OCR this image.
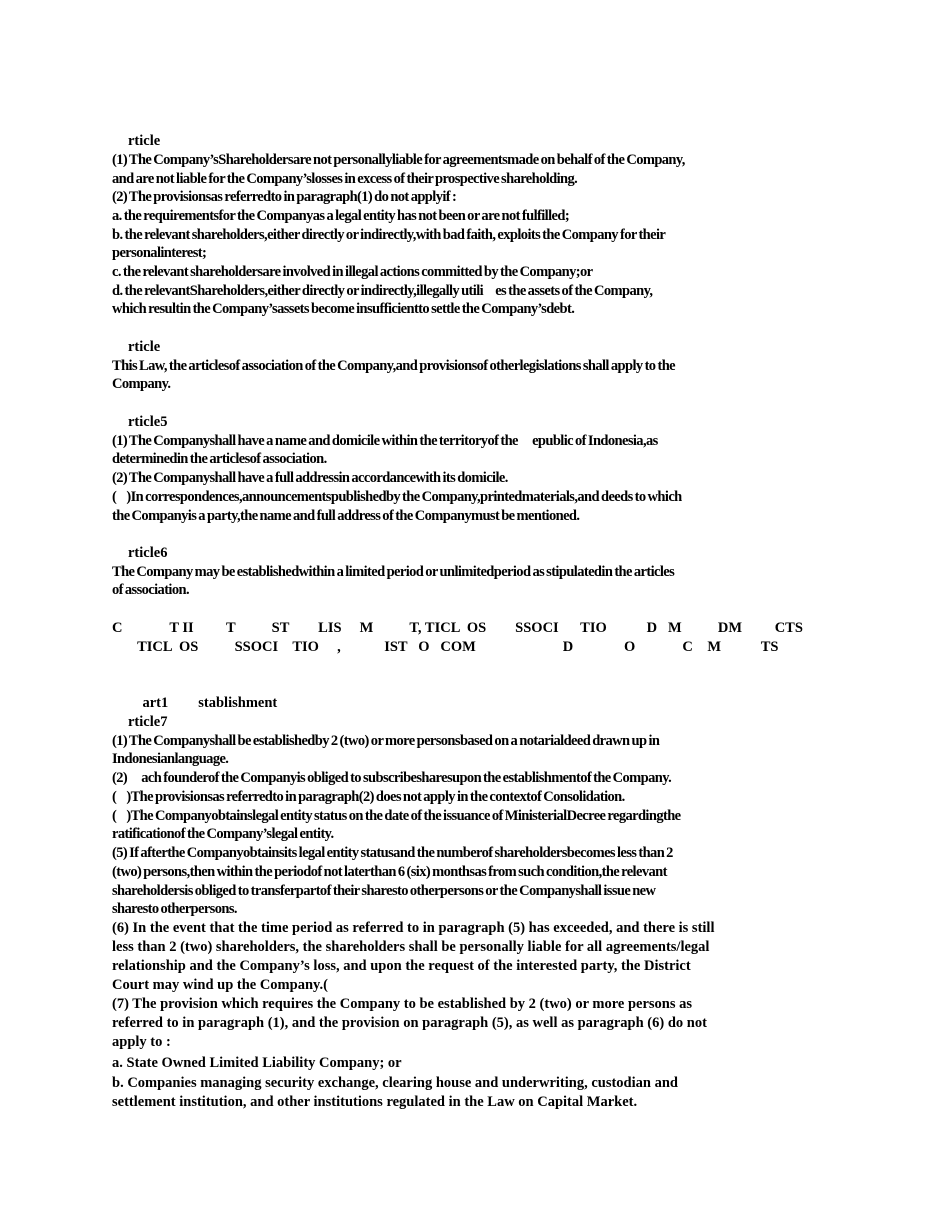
rticle
(1) The Company’sShareholdersare not personallyliable for agreementsmade on behalf of the Company,
and are not liable for the Company’slosses in excess of their prospective shareholding.
(2) The provisionsas referredto in paragraph(1) do not applyif :
a. the requirementsfor the Companyas a legal entity has not been or are not fulfilled;
b. the relevant shareholders,either directly or indirectly,with bad faith, exploits the Company for their
personalinterest;
c. the relevant shareholdersare involved in illegal actions committed by the Company;or
d. the relevantShareholders,either directly or indirectly,illegally utili      es the assets of the Company,
which resultin the Company’sassets become insufficientto settle the Company’sdebt.
rticle
This Law, the articlesof association of the Company,and provisionsof otherlegislations shall apply to the
Company.
rticle5
(1) The Companyshall have a name and domicile within the territoryof the       epublic of Indonesia,as
determinedin the articlesof association.
(2) The Companyshall have a full addressin accordancewith its domicile.
(     )In correspondences,announcementspublishedby the Company,printedmaterials,and deeds to which
the Companyis a party,the name and full address of the Companymust be mentioned.
rticle6
The Company may be establishedwithin a limited period or unlimitedperiod as stipulatedin the articles
of association.
C             T II         T          ST        LIS     M          T, TICL  OS        SSOCI      TIO           D   M          DM         CTS
TICL  OS          SSOCI    TIO     ,            IST   O   COM                        D              O             C    M           TS

art1 stablishment

rticle7
(1) The Companyshall be establishedby 2 (two) or more personsbased on a notarialdeed drawn up in
Indonesianlanguage.
(2)       ach founderof the Companyis obliged to subscribesharesupon the establishmentof the Company.
(     )The provisionsas referredto in paragraph(2) does not apply in the contextof Consolidation.
(     )The Companyobtainslegal entity status on the date of the issuance of MinisterialDecree regardingthe
ratificationof the Company’slegal entity.
(5) If afterthe Companyobtainsits legal entity statusand the numberof shareholdersbecomes less than 2
(two) persons,then within the periodof not laterthan 6 (six) monthsas from such condition,the relevant
shareholdersis obliged to transferpartof their sharesto otherpersons or the Companyshall issue new
sharesto otherpersons.
(6) In the event that the time period as referred to in paragraph (5) has exceeded, and there is still
less than 2 (two) shareholders, the shareholders shall be personally liable for all agreements/legal
relationship and the Company’s loss, and upon the request of the interested party, the District
Court may wind up the Company.(
(7) The provision which requires the Company to be established by 2 (two) or more persons as
referred to in paragraph (1), and the provision on paragraph (5), as well as paragraph (6) do not
apply to :
a. State Owned Limited Liability Company; or
b. Companies managing security exchange, clearing house and underwriting, custodian and
settlement institution, and other institutions regulated in the Law on Capital Market.
